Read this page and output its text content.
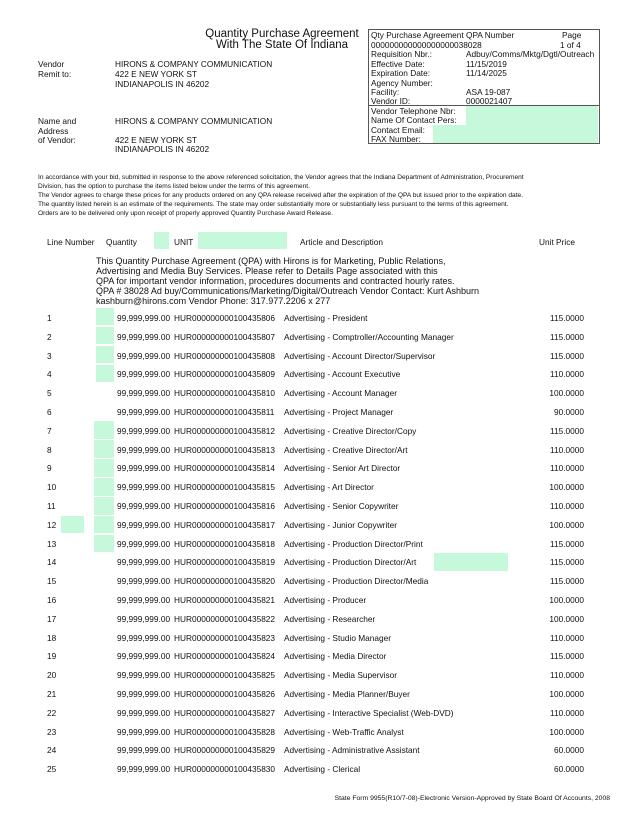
Quantity Purchase Agreement
With The State Of Indiana
Vendor
Remit to:
HIRONS & COMPANY COMMUNICATION
422 E NEW YORK ST
INDIANAPOLIS IN 46202
Name and
Address
of Vendor:
HIRONS & COMPANY COMMUNICATION
422 E NEW YORK ST
INDIANAPOLIS IN 46202
Qty Purchase Agreement QPA Number	Page
000000000000000000038028	1 of 4
Requisition Nbr.:	Adbuy/Comms/Mktg/Dgtl/Outreach
Effective Date:	11/15/2019
Expiration Date:	11/14/2025
Agency Number:
Facility:	ASA 19-087
Vendor ID:	0000021407
Vendor Telephone Nbr:
Name Of Contact Pers:
Contact Email:
FAX Number:
In accordance with your bid, submitted in response to the above referenced solicitation, the Vendor agrees that the Indiana Department of Administration, Procurement
Division, has the option to purchase the items listed below under the terms of this agreement.
The Vendor agrees to charge these prices for any products ordered on any QPA release received after the expiration of the QPA but issued prior to the expiration date.
The quantity listed herein is an estimate of the requirements. The state may order substantially more or substantially less pursuant to the terms of this agreement.
Orders are to be delivered only upon receipt of properly approved Quantity Purchase Award Release.
Line Number Quantity	UNIT	Article and Description	Unit Price
This Quantity Purchase Agreement (QPA) with Hirons is for Marketing, Public Relations,
Advertising and Media Buy Services. Please refer to Details Page associated with this
QPA for important vendor information, procedures documents and contracted hourly rates.
QPA # 38028 Ad buy/Communications/Marketing/Digital/Outreach Vendor Contact: Kurt Ashburn
kashburn@hirons.com Vendor Phone: 317.977.2206 x 277
1	99,999,999.00 HUR000000000100435806 Advertising - President	115.0000
2	99,999,999.00 HUR000000000100435807 Advertising - Comptroller/Accounting Manager	115.0000
3	99,999,999.00 HUR000000000100435808 Advertising - Account Director/Supervisor	115.0000
4	99,999,999.00 HUR000000000100435809 Advertising - Account Executive	110.0000
5	99,999,999.00 HUR000000000100435810 Advertising - Account Manager	100.0000
6	99,999,999.00 HUR000000000100435811 Advertising - Project Manager	90.0000
7	99,999,999.00 HUR000000000100435812 Advertising - Creative Director/Copy	115.0000
8	99,999,999.00 HUR000000000100435813 Advertising - Creative Director/Art	110.0000
9	99,999,999.00 HUR000000000100435814 Advertising - Senior Art Director	110.0000
10	99,999,999.00 HUR000000000100435815 Advertising - Art Director	100.0000
11	99,999,999.00 HUR000000000100435816 Advertising - Senior Copywriter	110.0000
12	99,999,999.00 HUR000000000100435817 Advertising - Junior Copywriter	100.0000
13	99,999,999.00 HUR000000000100435818 Advertising - Production Director/Print	115.0000
14	99,999,999.00 HUR000000000100435819 Advertising - Production Director/Art	115.0000
15	99,999,999.00 HUR000000000100435820 Advertising - Production Director/Media	115.0000
16	99,999,999.00 HUR000000000100435821 Advertising - Producer	100.0000
17	99,999,999.00 HUR000000000100435822 Advertising - Researcher	100.0000
18	99,999,999.00 HUR000000000100435823 Advertising - Studio Manager	110.0000
19	99,999,999.00 HUR000000000100435824 Advertising - Media Director	115.0000
20	99,999,999.00 HUR000000000100435825 Advertising - Media Supervisor	110.0000
21	99,999,999.00 HUR000000000100435826 Advertising - Media Planner/Buyer	100.0000
22	99,999,999.00 HUR000000000100435827 Advertising - Interactive Specialist (Web-DVD)	110.0000
23	99,999,999.00 HUR000000000100435828 Advertising - Web-Traffic Analyst	100.0000
24	99,999,999.00 HUR000000000100435829 Advertising - Administrative Assistant	60.0000
25	99,999,999.00 HUR000000000100435830 Advertising - Clerical	60.0000
State Form 9955(R10/7-08)-Electronic Version-Approved by State Board Of Accounts, 2008
